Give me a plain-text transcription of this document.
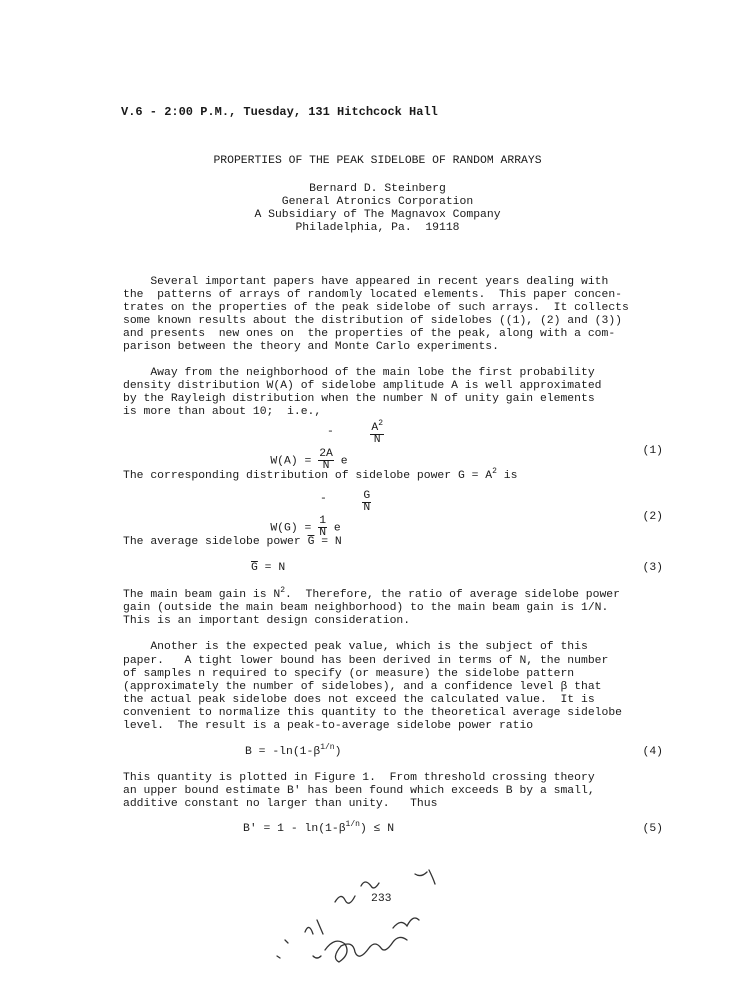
V.6 - 2:00 P.M., Tuesday, 131 Hitchcock Hall
PROPERTIES OF THE PEAK SIDELOBE OF RANDOM ARRAYS
Bernard D. Steinberg
General Atronics Corporation
A Subsidiary of The Magnavox Company
Philadelphia, Pa.  19118
Several important papers have appeared in recent years dealing with
the  patterns of arrays of randomly located elements.  This paper concen-
trates on the properties of the peak sidelobe of such arrays.  It collects
some known results about the distribution of sidelobes ((1), (2) and (3))
and presents  new ones on  the properties of the peak, along with a com-
parison between the theory and Monte Carlo experiments.
Away from the neighborhood of the main lobe the first probability
density distribution W(A) of sidelobe amplitude A is well approximated
by the Rayleigh distribution when the number N of unity gain elements
is more than about 10;  i.e.,

$W(A) = \frac{2A}{N}$ e

-

	$\frac{A^2}{N}$

(1)
The corresponding distribution of sidelobe power $G = A^2$ is

$W(G) = \frac{1}{N}$ e

-

	$\frac{G}{N}$

(2)
The average sidelobe power $\overline{G} = N$
$\overline{G} = N$	(3)
The main beam gain is $N^2$.  Therefore, the ratio of average sidelobe power
gain (outside the main beam neighborhood) to the main beam gain is 1/N.
This is an important design consideration.
Another is the expected peak value, which is the subject of this
paper.   A tight lower bound has been derived in terms of N, the number
of samples n required to specify (or measure) the sidelobe pattern
(approximately the number of sidelobes), and a confidence level β that
the actual peak sidelobe does not exceed the calculated value.  It is
convenient to normalize this quantity to the theoretical average sidelobe
level.  The result is a peak-to-average sidelobe power ratio
$B = -\ln(1-\beta^{1/n})$	(4)
This quantity is plotted in Figure 1.  From threshold crossing theory
an upper bound estimate B' has been found which exceeds B by a small,
additive constant no larger than unity.   Thus
$B' = 1 - \ln(1-\beta^{1/n}) \le N$	(5)
233
